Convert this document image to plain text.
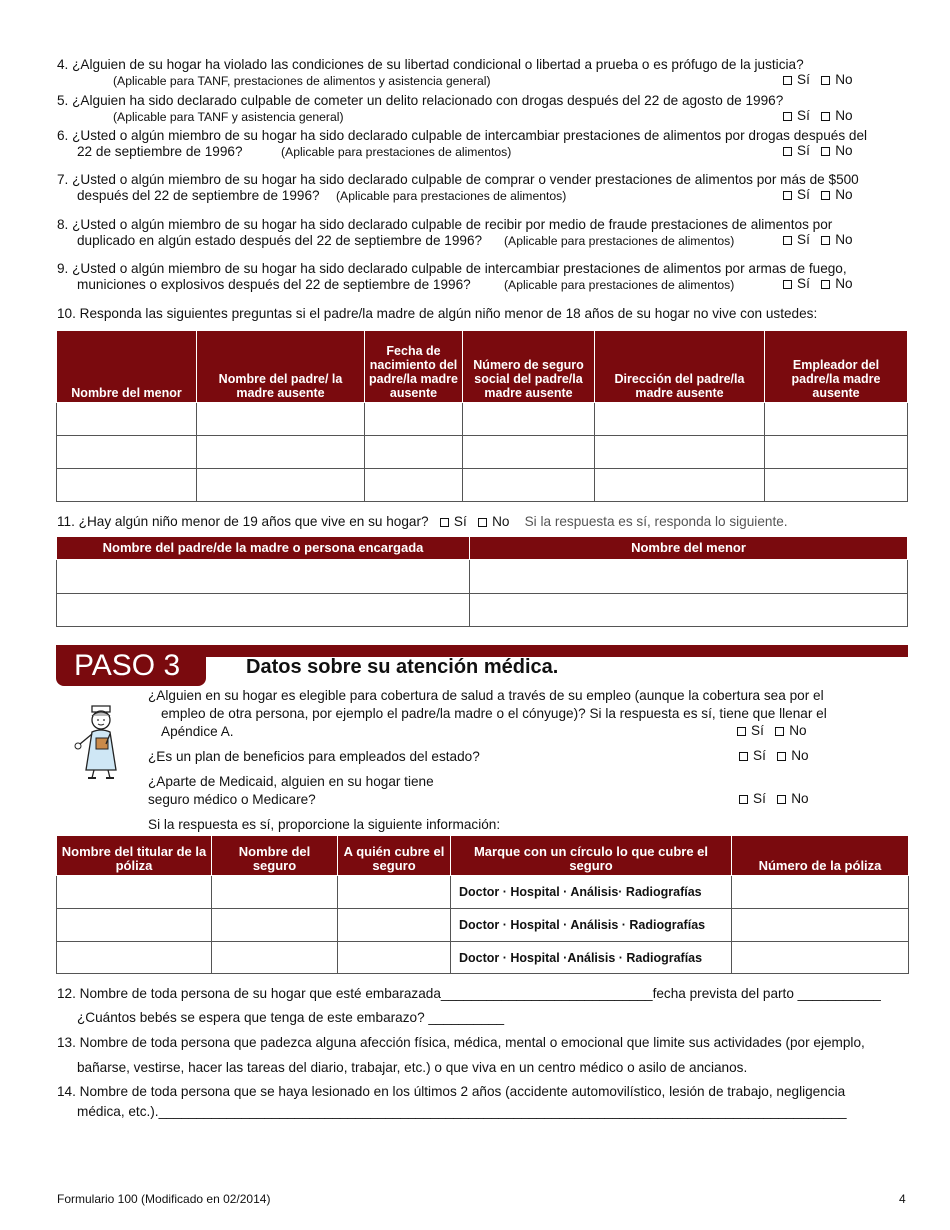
4. ¿Alguien de su hogar ha violado las condiciones de su libertad condicional o libertad a prueba o es prófugo de la justicia?
(Aplicable para TANF, prestaciones de alimentos y asistencia general)	Sí No
5. ¿Alguien ha sido declarado culpable de cometer un delito relacionado con drogas después del 22 de agosto de 1996?
(Aplicable para TANF y asistencia general)	Sí No
6. ¿Usted o algún miembro de su hogar ha sido declarado culpable de intercambiar prestaciones de alimentos por drogas después del
22 de septiembre de 1996?	(Aplicable para prestaciones de alimentos)	Sí No
7. ¿Usted o algún miembro de su hogar ha sido declarado culpable de comprar o vender prestaciones de alimentos por más de $500
después del 22 de septiembre de 1996? (Aplicable para prestaciones de alimentos)	Sí No
8. ¿Usted o algún miembro de su hogar ha sido declarado culpable de recibir por medio de fraude prestaciones de alimentos por
duplicado en algún estado después del 22 de septiembre de 1996? (Aplicable para prestaciones de alimentos)	Sí No
9. ¿Usted o algún miembro de su hogar ha sido declarado culpable de intercambiar prestaciones de alimentos por armas de fuego,
municiones o explosivos después del 22 de septiembre de 1996?	(Aplicable para prestaciones de alimentos)	Sí No
10. Responda las siguientes preguntas si el padre/la madre de algún niño menor de 18 años de su hogar no vive con ustedes:
Nombre del menor	Nombre del padre/ la madre ausente	Fecha de nacimiento del padre/la madre ausente	Número de seguro social del padre/la madre ausente	Dirección del padre/la madre ausente	Empleador del padre/la madre ausente

11. ¿Hay algún niño menor de 19 años que vive en su hogar? Sí No Si la respuesta es sí, responda lo siguiente.
Nombre del padre/de la madre o persona encargada	Nombre del menor

PASO 3	Datos sobre su atención médica.
¿Alguien en su hogar es elegible para cobertura de salud a través de su empleo (aunque la cobertura sea por el
empleo de otra persona, por ejemplo el padre/la madre o el cónyuge)? Si la respuesta es sí, tiene que llenar el
Apéndice A.	Sí No
¿Es un plan de beneficios para empleados del estado?	Sí No
¿Aparte de Medicaid, alguien en su hogar tiene
seguro médico o Medicare?	Sí No
Si la respuesta es sí, proporcione la siguiente información:
Nombre del titular de la póliza	Nombre del seguro	A quién cubre el seguro	Marque con un círculo lo que cubre el seguro	Número de la póliza
			Doctor · Hospital · Análisis· Radiografías	
			Doctor · Hospital · Análisis · Radiografías	
			Doctor · Hospital ·Análisis · Radiografías	
12. Nombre de toda persona de su hogar que esté embarazada____________________________fecha prevista del parto ___________
¿Cuántos bebés se espera que tenga de este embarazo? __________
13. Nombre de toda persona que padezca alguna afección física, médica, mental o emocional que limite sus actividades (por ejemplo,
bañarse, vestirse, hacer las tareas del diario, trabajar, etc.) o que viva en un centro médico o asilo de ancianos.
14. Nombre de toda persona que se haya lesionado en los últimos 2 años (accidente automovilístico, lesión de trabajo, negligencia
médica, etc.).___________________________________________________________________________________________
Formulario 100 (Modificado en 02/2014)	4
